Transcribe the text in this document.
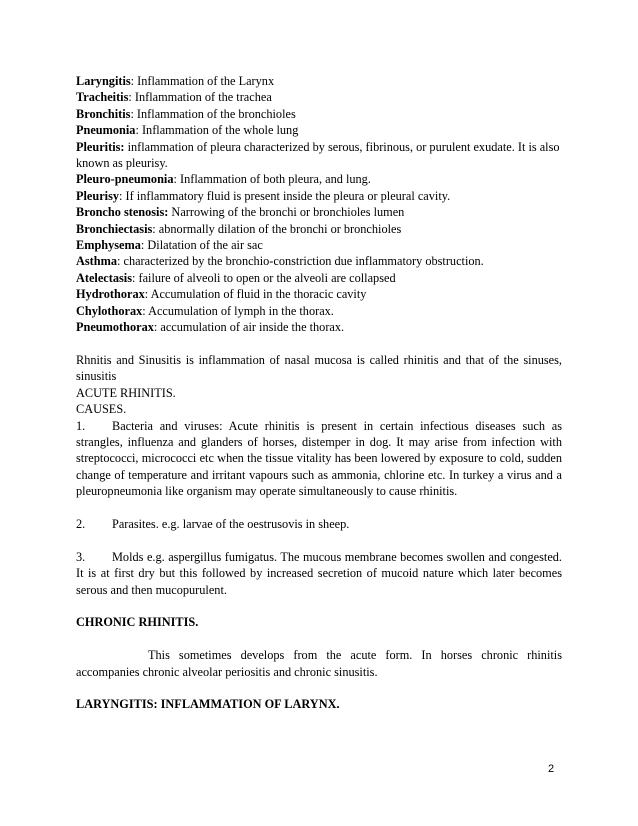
Laryngitis: Inflammation of the Larynx
Tracheitis: Inflammation of the trachea
Bronchitis: Inflammation of the bronchioles
Pneumonia: Inflammation of the whole lung
Pleuritis: inflammation of pleura characterized by serous, fibrinous, or purulent exudate. It is also known as pleurisy.
Pleuro-pneumonia: Inflammation of both pleura, and lung.
Pleurisy: If inflammatory fluid is present inside the pleura or pleural cavity.
Broncho stenosis: Narrowing of the bronchi or bronchioles lumen
Bronchiectasis: abnormally dilation of the bronchi or bronchioles
Emphysema: Dilatation of the air sac
Asthma: characterized by the bronchio-constriction due inflammatory obstruction.
Atelectasis: failure of alveoli to open or the alveoli are collapsed
Hydrothorax: Accumulation of fluid in the thoracic cavity
Chylothorax: Accumulation of lymph in the thorax.
Pneumothorax: accumulation of air inside the thorax.

Rhnitis and Sinusitis is inflammation of nasal mucosa is called rhinitis and that of the sinuses, sinusitis

ACUTE RHINITIS.
CAUSES.

1. Bacteria and viruses: Acute rhinitis is present in certain infectious diseases such as strangles, influenza and glanders of horses, distemper in dog. It may arise from infection with streptococci, micrococci etc when the tissue vitality has been lowered by exposure to cold, sudden change of temperature and irritant vapours such as ammonia, chlorine etc. In turkey a virus and a pleuropneumonia like organism may operate simultaneously to cause rhinitis.

2. Parasites. e.g. larvae of the oestrusovis in sheep.

3. Molds e.g. aspergillus fumigatus. The mucous membrane becomes swollen and congested. It is at first dry but this followed by increased secretion of mucoid nature which later becomes serous and then mucopurulent.

CHRONIC RHINITIS.

This sometimes develops from the acute form. In horses chronic rhinitis accompanies chronic alveolar periositis and chronic sinusitis.

LARYNGITIS: INFLAMMATION OF LARYNX.
2
